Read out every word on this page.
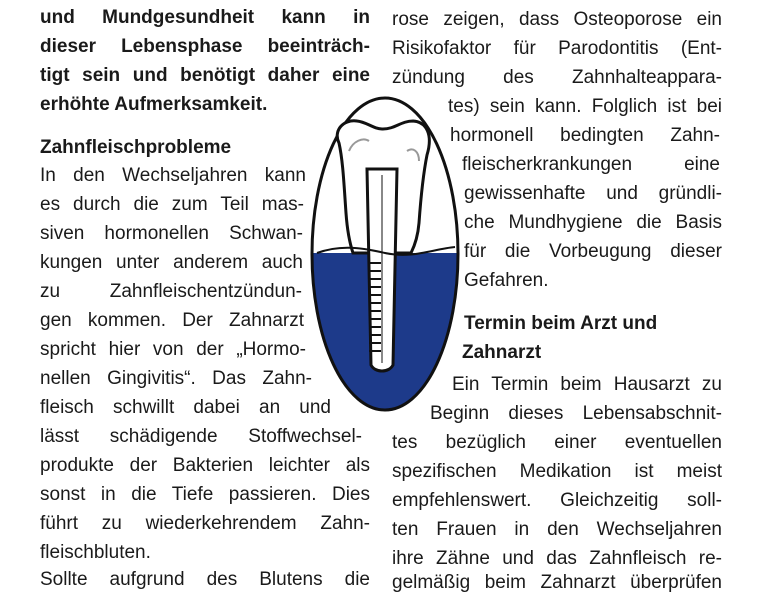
und Mundgesundheit kann in
dieser Lebensphase beeinträch-
tigt sein und benötigt daher eine
erhöhte Aufmerksamkeit.
Zahnfleischprobleme
In den Wechseljahren kann
es durch die zum Teil mas-
siven hormonellen Schwan-
kungen unter anderem auch
zu Zahnfleischentzündun-
gen kommen. Der Zahnarzt
spricht hier von der „Hormo-
nellen Gingivitis“. Das Zahn-
fleisch schwillt dabei an und
lässt schädigende Stoffwechsel-
produkte der Bakterien leichter als
sonst in die Tiefe passieren. Dies
führt zu wiederkehrendem Zahn-
fleischbluten.
Sollte aufgrund des Blutens die
rose zeigen, dass Osteoporose ein
Risikofaktor für Parodontitis (Ent-
zündung des Zahnhalteappara-
tes) sein kann. Folglich ist bei
hormonell bedingten Zahn-
fleischerkrankungen eine
gewissenhafte und gründli-
che Mundhygiene die Basis
für die Vorbeugung dieser
Gefahren.
Termin beim Arzt und
Zahnarzt
Ein Termin beim Hausarzt zu
Beginn dieses Lebensabschnit-
tes bezüglich einer eventuellen
spezifischen Medikation ist meist
empfehlenswert. Gleichzeitig soll-
ten Frauen in den Wechseljahren
ihre Zähne und das Zahnfleisch re-
gelmäßig beim Zahnarzt überprüfen
